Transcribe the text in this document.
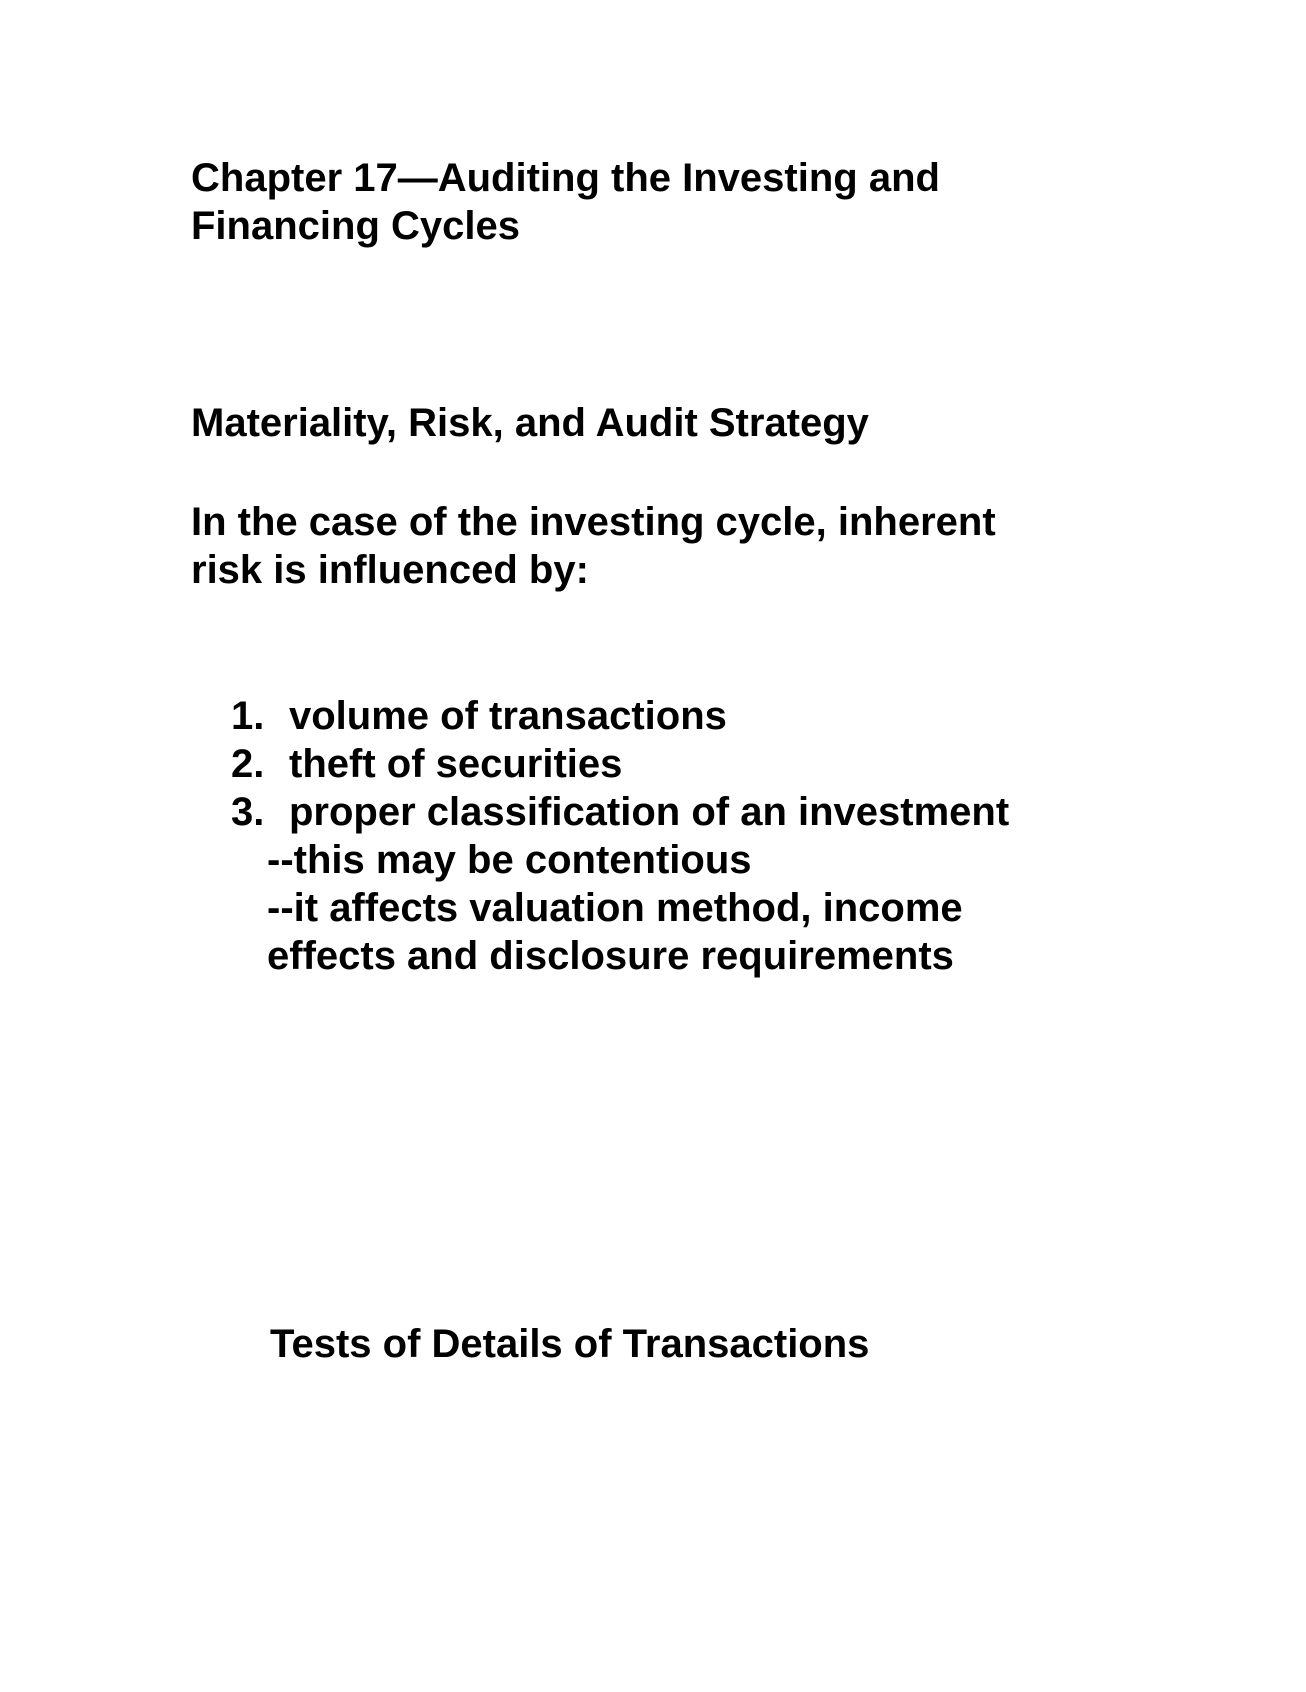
Chapter 17—Auditing the Investing and
Financing Cycles
Materiality, Risk, and Audit Strategy

In the case of the investing cycle, inherent
risk is influenced by:

1. volume of transactions
2. theft of securities
3. proper classification of an investment

--this may be contentious

--it affects valuation method, income

effects and disclosure requirements

Tests of Details of Transactions
